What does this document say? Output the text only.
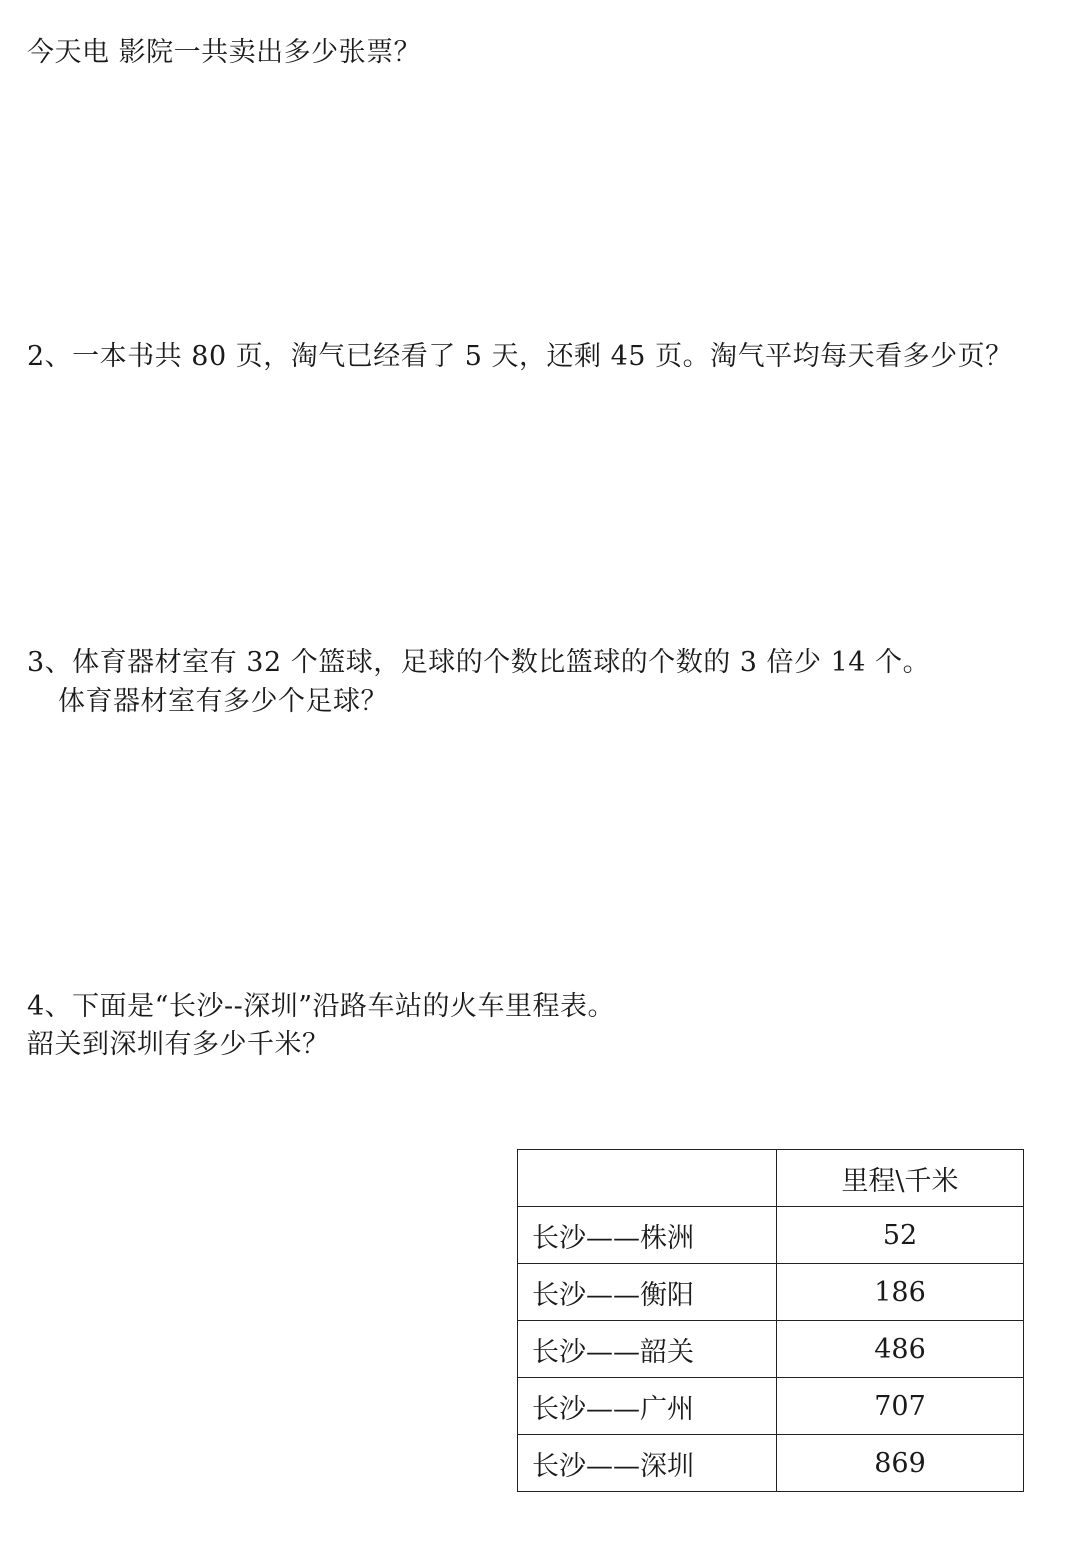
今天电 影院一共卖出多少张票？
2、一本书共 80 页，淘气已经看了 5 天，还剩 45 页。淘气平均每天看多少页？
3、体育器材室有 32 个篮球，足球的个数比篮球的个数的 3 倍少 14 个。
体育器材室有多少个足球？
4、下面是“长沙--深圳”沿路车站的火车里程表。
韶关到深圳有多少千米？
	里程\千米
长沙——株洲	52
长沙——衡阳	186
长沙——韶关	486
长沙——广州	707
长沙——深圳	869
